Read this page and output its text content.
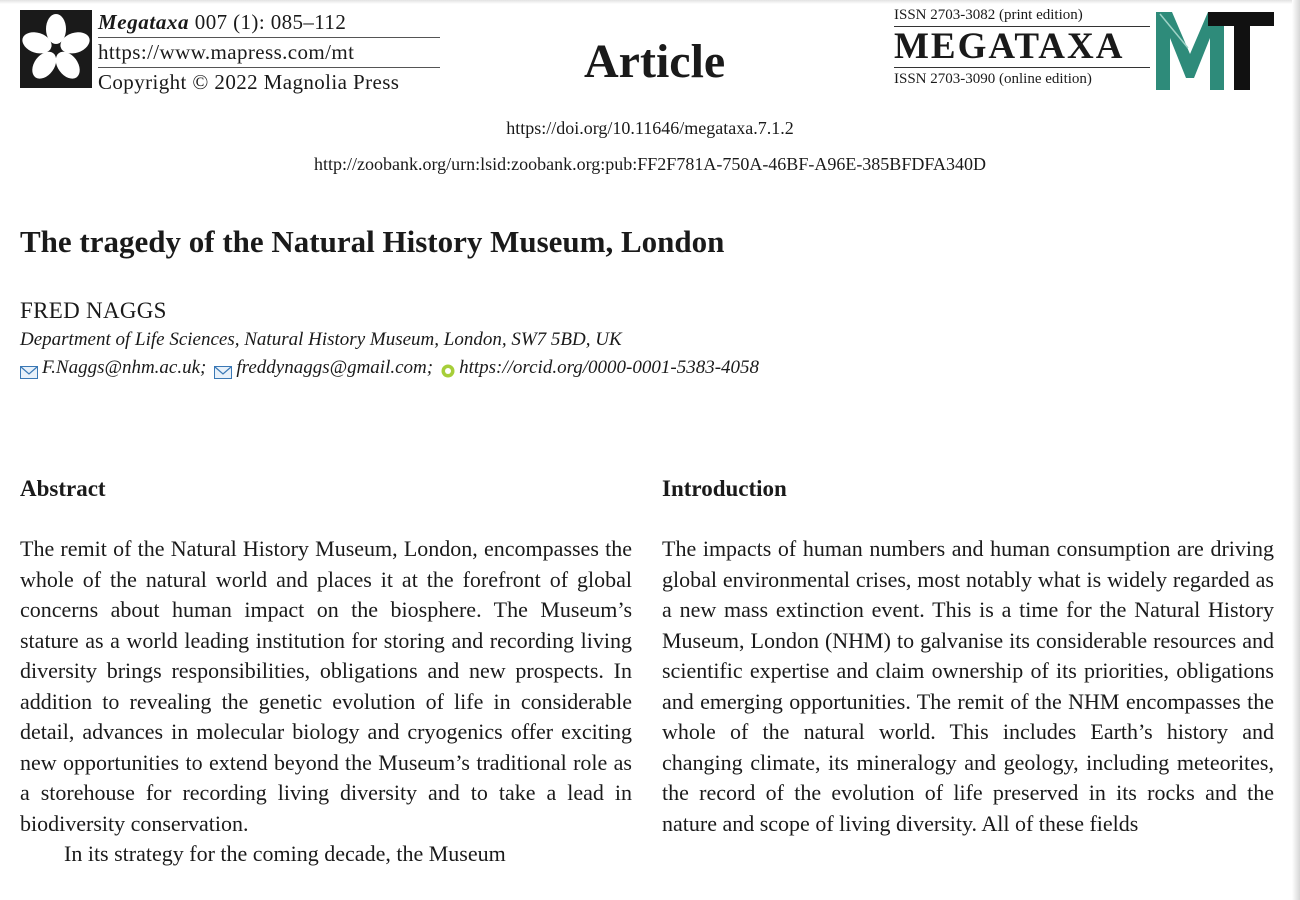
Megataxa 007 (1): 085–112
https://www.mapress.com/mt
Copyright © 2022 Magnolia Press	Article
ISSN 2703-3082 (print edition)
MEGATAXA
ISSN 2703-3090 (online edition)
https://doi.org/10.11646/megataxa.7.1.2
http://zoobank.org/urn:lsid:zoobank.org:pub:FF2F781A-750A-46BF-A96E-385BFDFA340D
The tragedy of the Natural History Museum, London
FRED NAGGS
Department of Life Sciences, Natural History Museum, London, SW7 5BD, UK
F.Naggs@nhm.ac.uk; freddynaggs@gmail.com; https://orcid.org/0000-0001-5383-4058
Abstract

The remit of the Natural History Museum, London, encompasses the whole of the natural world and places it at the forefront of global concerns about human impact on the biosphere. The Museum’s stature as a world leading institution for storing and recording living diversity brings responsibilities, obligations and new prospects. In addition to revealing the genetic evolution of life in considerable detail, advances in molecular biology and cryogenics offer exciting new opportunities to extend beyond the Museum’s traditional role as a storehouse for recording living diversity and to take a lead in biodiversity conservation.

In its strategy for the coming decade, the Museum

Introduction

The impacts of human numbers and human consumption are driving global environmental crises, most notably what is widely regarded as a new mass extinction event. This is a time for the Natural History Museum, London (NHM) to galvanise its considerable resources and scientific expertise and claim ownership of its priorities, obligations and emerging opportunities. The remit of the NHM encompasses the whole of the natural world. This includes Earth’s history and changing climate, its mineralogy and geology, including meteorites, the record of the evolution of life preserved in its rocks and the nature and scope of living diversity. All of these fields
